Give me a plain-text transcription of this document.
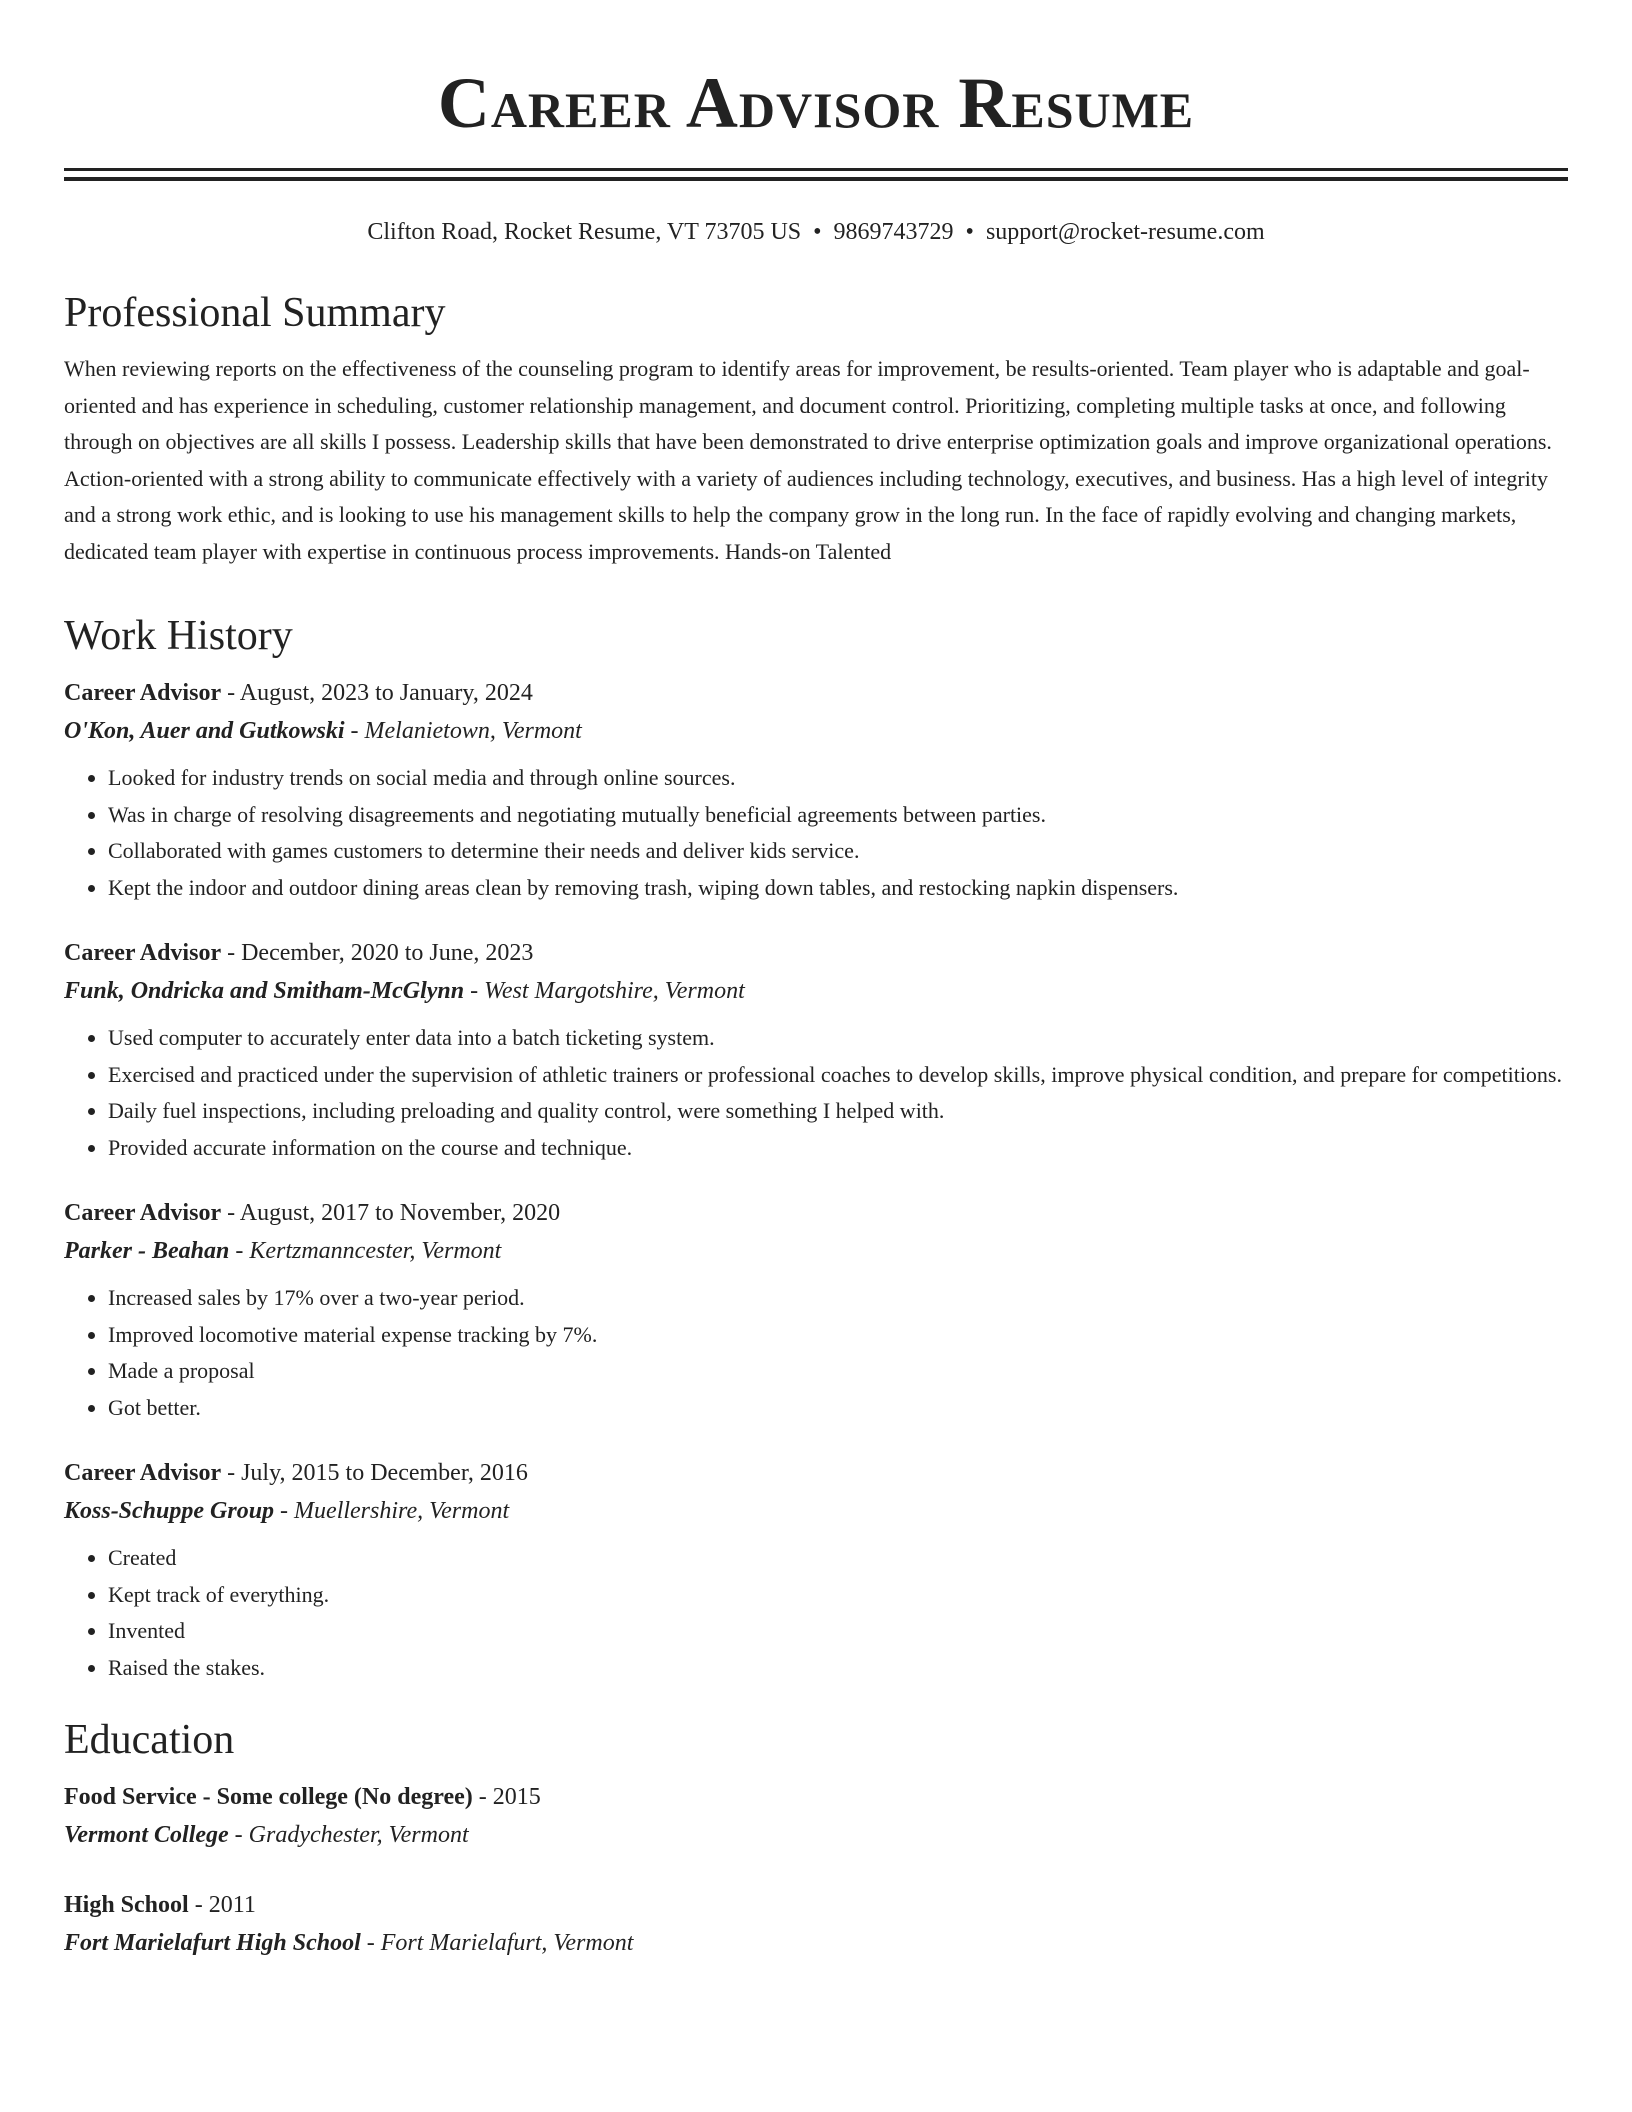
Career Advisor Resume
Clifton Road, Rocket Resume, VT 73705 US • 9869743729 • support@rocket-resume.com
Professional Summary

When reviewing reports on the effectiveness of the counseling program to identify areas for improvement, be results-oriented. Team player who is adaptable and goal-oriented and has experience in scheduling, customer relationship management, and document control. Prioritizing, completing multiple tasks at once, and following through on objectives are all skills I possess. Leadership skills that have been demonstrated to drive enterprise optimization goals and improve organizational operations. Action-oriented with a strong ability to communicate effectively with a variety of audiences including technology, executives, and business. Has a high level of integrity and a strong work ethic, and is looking to use his management skills to help the company grow in the long run. In the face of rapidly evolving and changing markets, dedicated team player with expertise in continuous process improvements. Hands-on Talented

Work History
Career Advisor - August, 2023 to January, 2024
O'Kon, Auer and Gutkowski - Melanietown, Vermont
• Looked for industry trends on social media and through online sources.
• Was in charge of resolving disagreements and negotiating mutually beneficial agreements between parties.
• Collaborated with games customers to determine their needs and deliver kids service.
• Kept the indoor and outdoor dining areas clean by removing trash, wiping down tables, and restocking napkin dispensers.
Career Advisor - December, 2020 to June, 2023
Funk, Ondricka and Smitham-McGlynn - West Margotshire, Vermont
• Used computer to accurately enter data into a batch ticketing system.
• Exercised and practiced under the supervision of athletic trainers or professional coaches to develop skills, improve physical condition, and prepare for competitions.
• Daily fuel inspections, including preloading and quality control, were something I helped with.
• Provided accurate information on the course and technique.
Career Advisor - August, 2017 to November, 2020
Parker - Beahan - Kertzmanncester, Vermont
• Increased sales by 17% over a two-year period.
• Improved locomotive material expense tracking by 7%.
• Made a proposal
• Got better.
Career Advisor - July, 2015 to December, 2016
Koss-Schuppe Group - Muellershire, Vermont
• Created
• Kept track of everything.
• Invented
• Raised the stakes.
Education
Food Service - Some college (No degree) - 2015
Vermont College - Gradychester, Vermont
High School - 2011
Fort Marielafurt High School - Fort Marielafurt, Vermont
